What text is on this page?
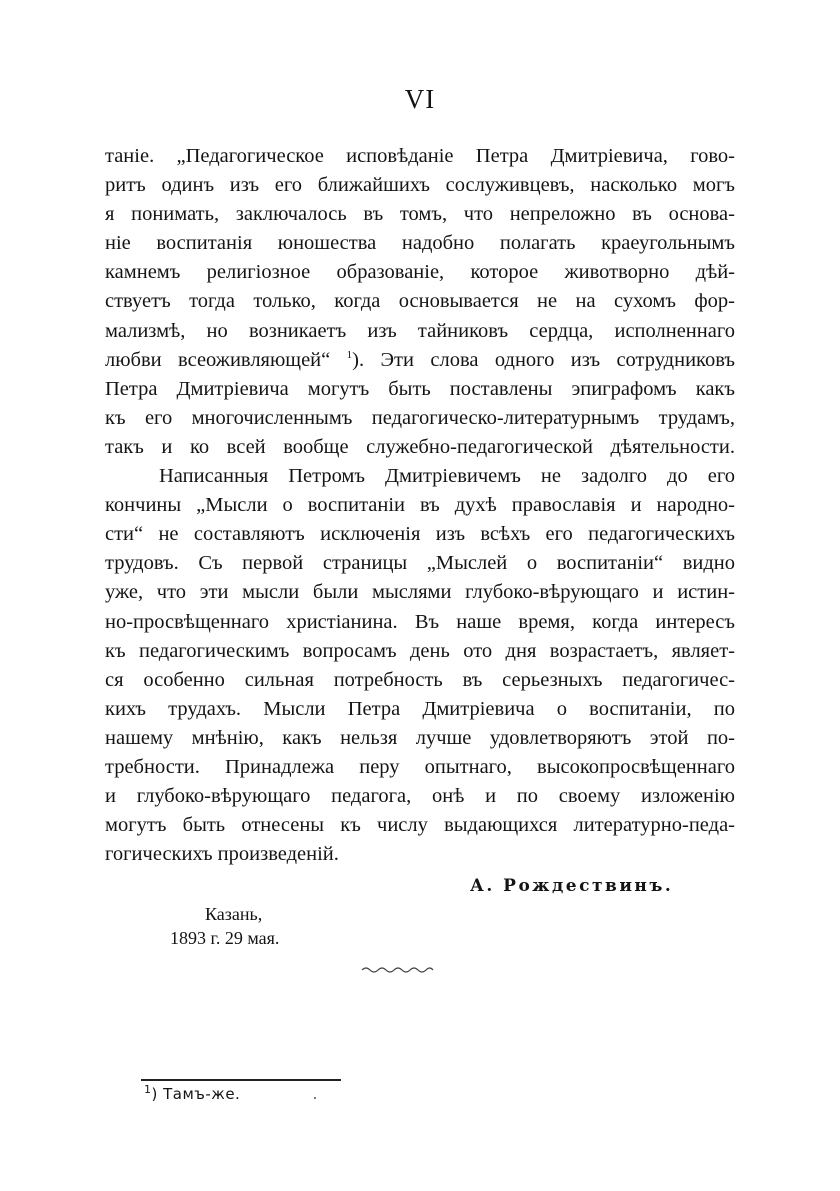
VI
таніе. „Педагогическое исповѣданіе Петра Дмитріевича, гово-
ритъ одинъ изъ его ближайшихъ сослуживцевъ, насколько могъ
я понимать, заключалось въ томъ, что непреложно въ основа-
ніе воспитанія юношества надобно полагать краеугольнымъ
камнемъ религіозное образованіе, которое животворно дѣй-
ствуетъ тогда только, когда основывается не на сухомъ фор-
мализмѣ, но возникаетъ изъ тайниковъ сердца, исполненнаго
любви всеоживляющей“ $^1$). Эти слова одного изъ сотрудниковъ
Петра Дмитріевича могутъ быть поставлены эпиграфомъ какъ
къ его многочисленнымъ педагогическо-литературнымъ трудамъ,
такъ и ко всей вообще служебно-педагогической дѣятельности.
Написанныя Петромъ Дмитріевичемъ не задолго до его
кончины „Мысли о воспитаніи въ духѣ православія и народно-
сти“ не составляютъ исключенія изъ всѣхъ его педагогическихъ
трудовъ. Съ первой страницы „Мыслей о воспитаніи“ видно
уже, что эти мысли были мыслями глубоко-вѣрующаго и истин-
но-просвѣщеннаго христіанина. Въ наше время, когда интересъ
къ педагогическимъ вопросамъ день ото дня возрастаетъ, являет-
ся особенно сильная потребность въ серьезныхъ педагогичес-
кихъ трудахъ. Мысли Петра Дмитріевича о воспитаніи, по
нашему мнѣнію, какъ нельзя лучше удовлетворяютъ этой по-
требности. Принадлежа перу опытнаго, высокопросвѣщеннаго
и глубоко-вѣрующаго педагога, онѣ и по своему изложенію
могутъ быть отнесены къ числу выдающихся литературно-педа-
гогическихъ произведеній.
А. Рождествинъ.
Казань,
1893 г. 29 мая.
$^1$) Тамъ-же.
